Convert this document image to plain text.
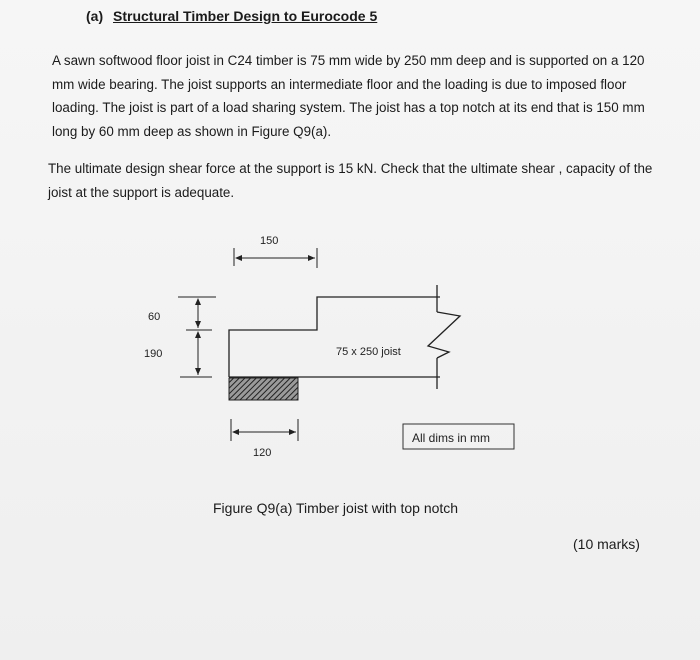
(a) Structural Timber Design to Eurocode 5
A sawn softwood floor joist in C24 timber is 75 mm wide by 250 mm deep and is supported on a 120 mm wide bearing. The joist supports an intermediate floor and the loading is due to imposed floor loading. The joist is part of a load sharing system. The joist has a top notch at its end that is 150 mm long by 60 mm deep as shown in Figure Q9(a).
The ultimate design shear force at the support is 15 kN. Check that the ultimate shear , capacity of the joist at the support is adequate.
150
60
190	75 x 250 joist
120
All dims in mm
Figure Q9(a) Timber joist with top notch
(10 marks)
